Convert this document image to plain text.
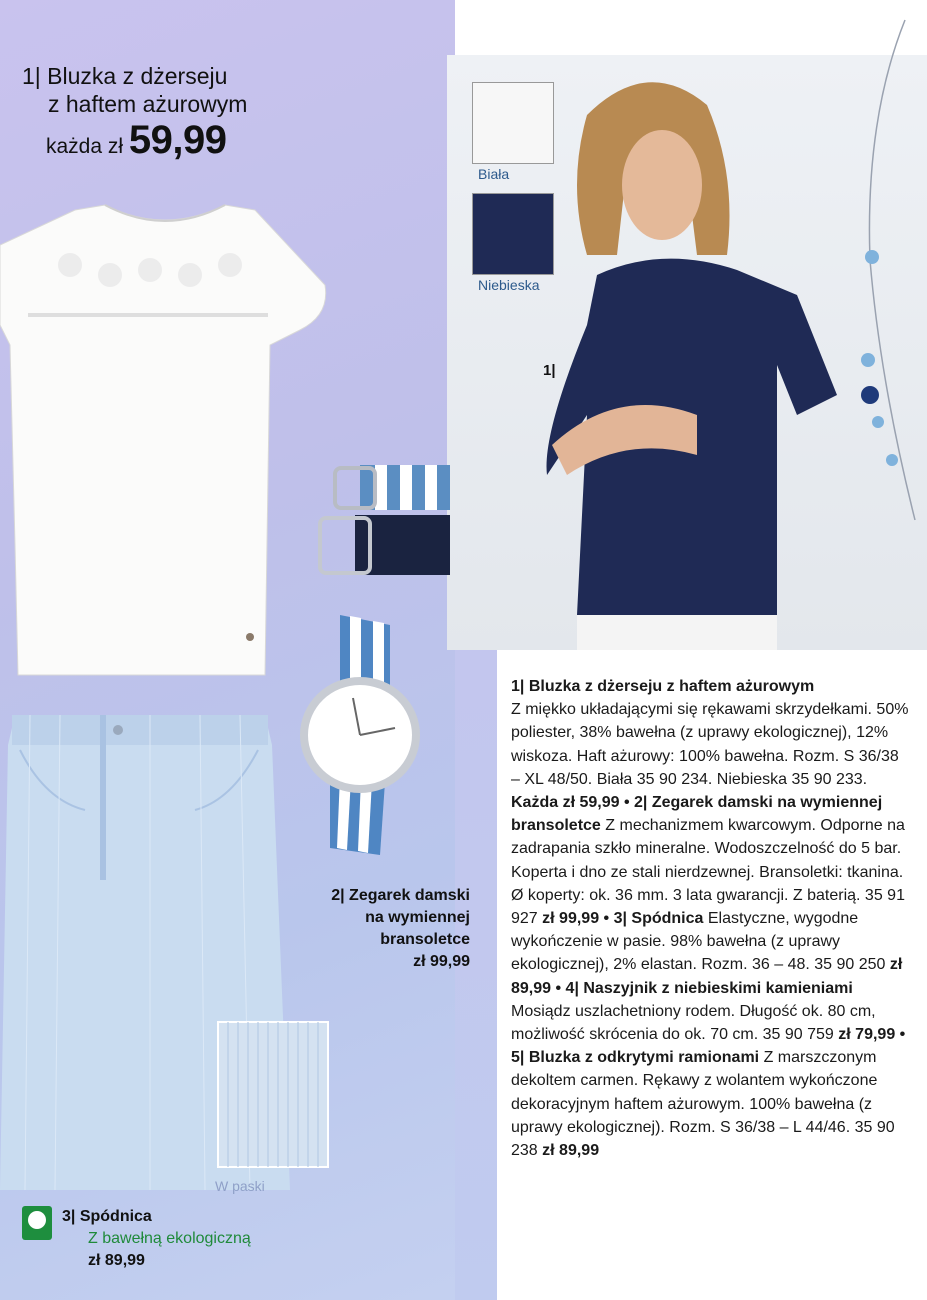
1| Bluzka z dżerseju
z haftem ażurowym
każda zł 59,99
Biała
Niebieska
1|
2| Zegarek damski
na wymiennej
bransoletce
zł 99,99
W paski
3| Spódnica
Z bawełną ekologiczną
zł 89,99
1| Bluzka z dżerseju z haftem ażurowym
Z miękko układającymi się rękawami skrzydełkami. 50% poliester, 38% bawełna (z uprawy ekologicznej), 12% wiskoza. Haft ażurowy: 100% bawełna. Rozm. S 36/38 – XL 48/50. Biała 35 90 234. Niebieska 35 90 233. Każda zł 59,99 • 2| Zegarek damski na wymiennej bransoletce Z mechanizmem kwarcowym. Odporne na zadrapania szkło mineralne. Wodoszczelność do 5 bar. Koperta i dno ze stali nierdzewnej. Bransoletki: tkanina. Ø koperty: ok. 36 mm. 3 lata gwarancji. Z baterią. 35 91 927 zł 99,99 • 3| Spódnica Elastyczne, wygodne wykończenie w pasie. 98% bawełna (z uprawy ekologicznej), 2% elastan. Rozm. 36 – 48. 35 90 250 zł 89,99 • 4| Naszyjnik z niebieskimi kamieniami Mosiądz uszlachetniony rodem. Długość ok. 80 cm, możliwość skrócenia do ok. 70 cm. 35 90 759 zł 79,99 • 5| Bluzka z odkrytymi ramionami Z marszczonym dekoltem carmen. Rękawy z wolantem wykończone dekoracyjnym haftem ażurowym. 100% bawełna (z uprawy ekologicznej). Rozm. S 36/38 – L 44/46. 35 90 238 zł 89,99
